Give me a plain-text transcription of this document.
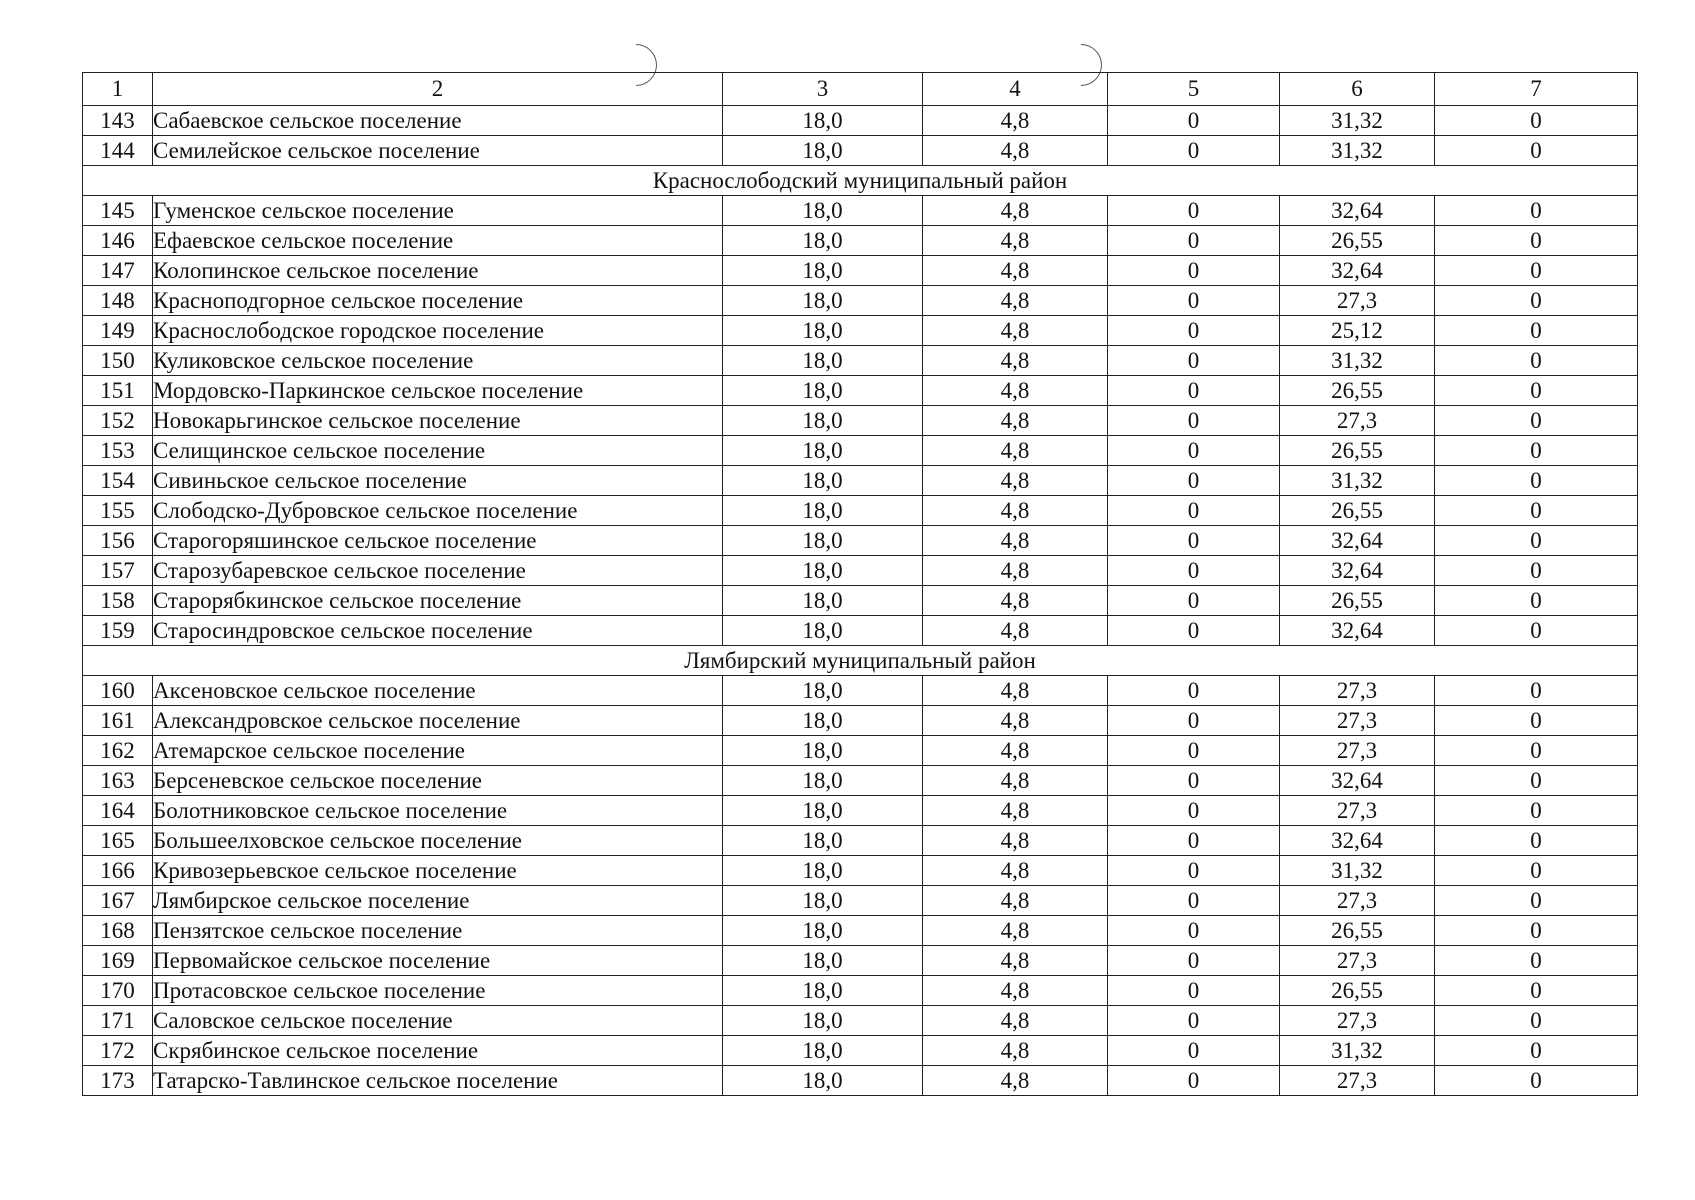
1	2	3	4	5	6	7
143	Сабаевское сельское поселение	18,0	4,8	0	31,32	0
144	Семилейское сельское поселение	18,0	4,8	0	31,32	0
Краснослободский муниципальный район						
145	Гуменское сельское поселение	18,0	4,8	0	32,64	0
146	Ефаевское сельское поселение	18,0	4,8	0	26,55	0
147	Колопинское сельское поселение	18,0	4,8	0	32,64	0
148	Красноподгорное сельское поселение	18,0	4,8	0	27,3	0
149	Краснослободское городское поселение	18,0	4,8	0	25,12	0
150	Куликовское сельское поселение	18,0	4,8	0	31,32	0
151	Мордовско-Паркинское сельское поселение	18,0	4,8	0	26,55	0
152	Новокарьгинское сельское поселение	18,0	4,8	0	27,3	0
153	Селищинское сельское поселение	18,0	4,8	0	26,55	0
154	Сивиньское сельское поселение	18,0	4,8	0	31,32	0
155	Слободско-Дубровское сельское поселение	18,0	4,8	0	26,55	0
156	Старогоряшинское сельское поселение	18,0	4,8	0	32,64	0
157	Старозубаревское сельское поселение	18,0	4,8	0	32,64	0
158	Старорябкинское сельское поселение	18,0	4,8	0	26,55	0
159	Старосиндровское сельское поселение	18,0	4,8	0	32,64	0
Лямбирский муниципальный район						
160	Аксеновское сельское поселение	18,0	4,8	0	27,3	0
161	Александровское сельское поселение	18,0	4,8	0	27,3	0
162	Атемарское сельское поселение	18,0	4,8	0	27,3	0
163	Берсеневское сельское поселение	18,0	4,8	0	32,64	0
164	Болотниковское сельское поселение	18,0	4,8	0	27,3	0
165	Большеелховское сельское поселение	18,0	4,8	0	32,64	0
166	Кривозерьевское сельское поселение	18,0	4,8	0	31,32	0
167	Лямбирское сельское поселение	18,0	4,8	0	27,3	0
168	Пензятское сельское поселение	18,0	4,8	0	26,55	0
169	Первомайское сельское поселение	18,0	4,8	0	27,3	0
170	Протасовское сельское поселение	18,0	4,8	0	26,55	0
171	Саловское сельское поселение	18,0	4,8	0	27,3	0
172	Скрябинское сельское поселение	18,0	4,8	0	31,32	0
173	Татарско-Тавлинское сельское поселение	18,0	4,8	0	27,3	0
